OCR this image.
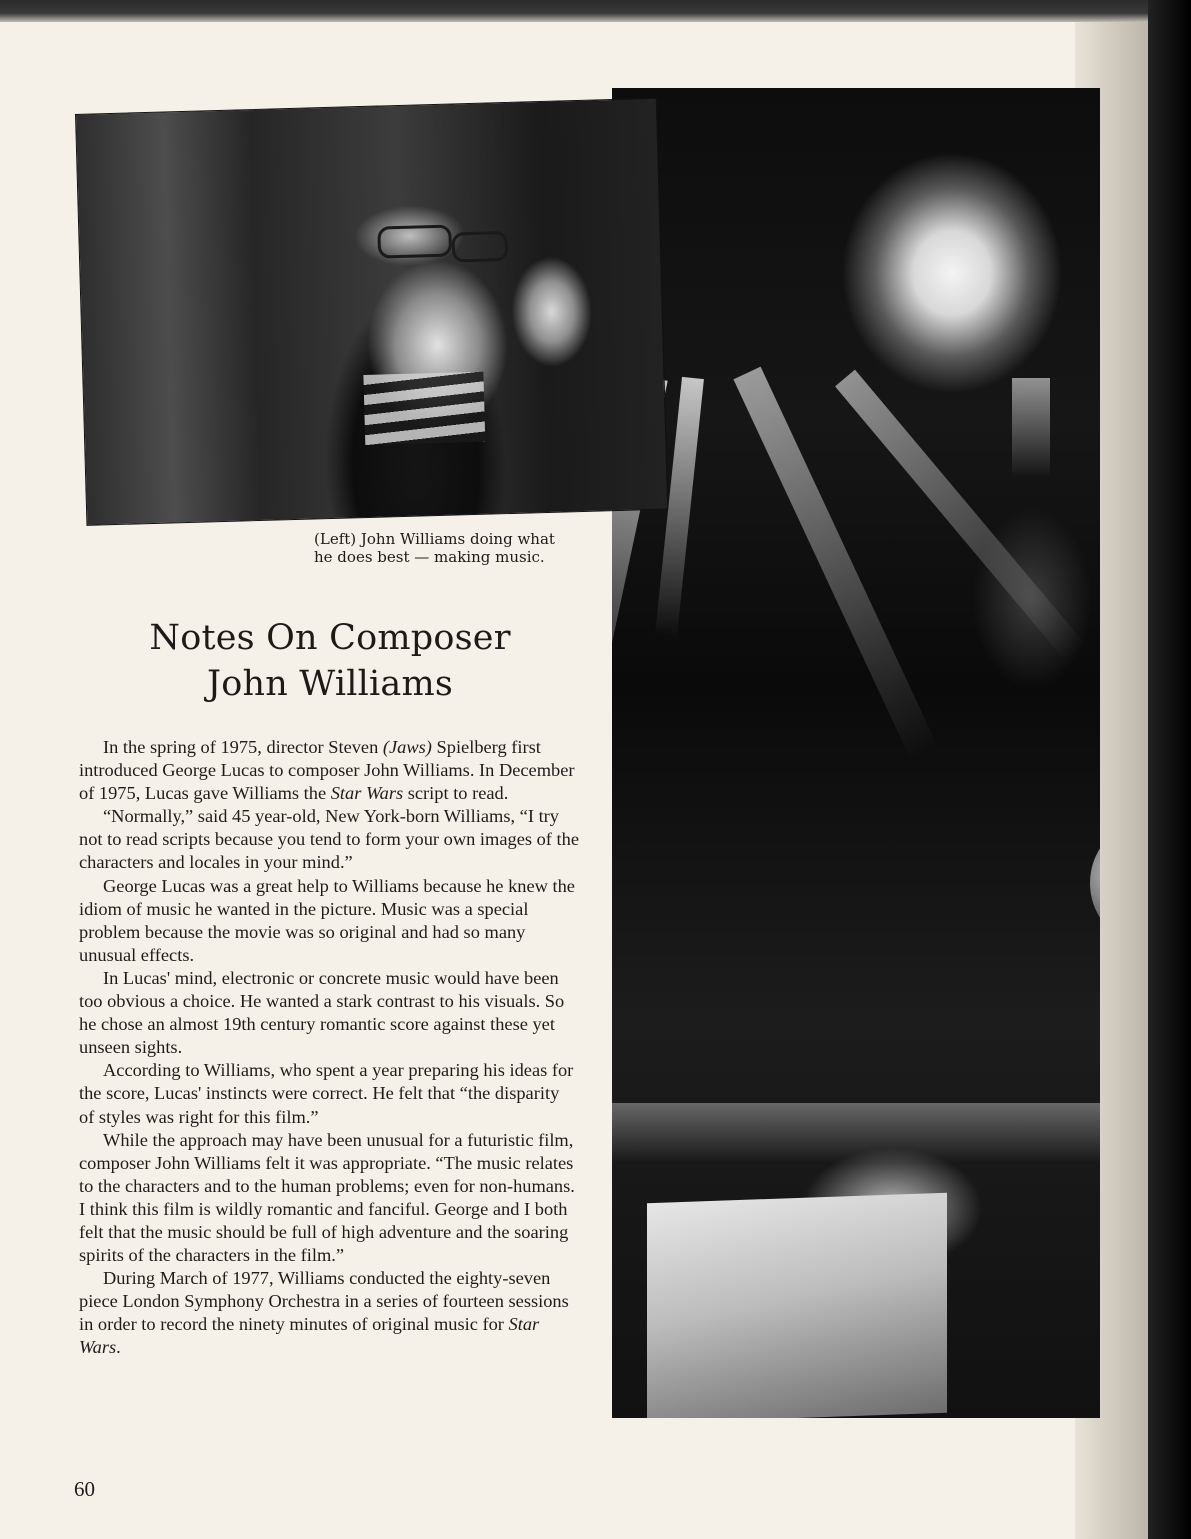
(Left) John Williams doing what
he does best — making music.
Notes On Composer
John Williams

In the spring of 1975, director Steven (Jaws) Spielberg first introduced George Lucas to composer John Williams. In December of 1975, Lucas gave Williams the Star Wars script to read.

“Normally,” said 45 year-old, New York-born Williams, “I try not to read scripts because you tend to form your own images of the characters and locales in your mind.”

George Lucas was a great help to Williams because he knew the idiom of music he wanted in the picture. Music was a special problem because the movie was so original and had so many unusual effects.

In Lucas' mind, electronic or concrete music would have been too obvious a choice. He wanted a stark contrast to his visuals. So he chose an almost 19th century romantic score against these yet unseen sights.

According to Williams, who spent a year preparing his ideas for the score, Lucas' instincts were correct. He felt that “the disparity of styles was right for this film.”

While the approach may have been unusual for a futuristic film, composer John Williams felt it was appropriate. “The music relates to the characters and to the human problems; even for non-humans. I think this film is wildly romantic and fanciful. George and I both felt that the music should be full of high adventure and the soaring spirits of the characters in the film.”

During March of 1977, Williams conducted the eighty-seven piece London Symphony Orchestra in a series of fourteen sessions in order to record the ninety minutes of original music for Star Wars.

60
